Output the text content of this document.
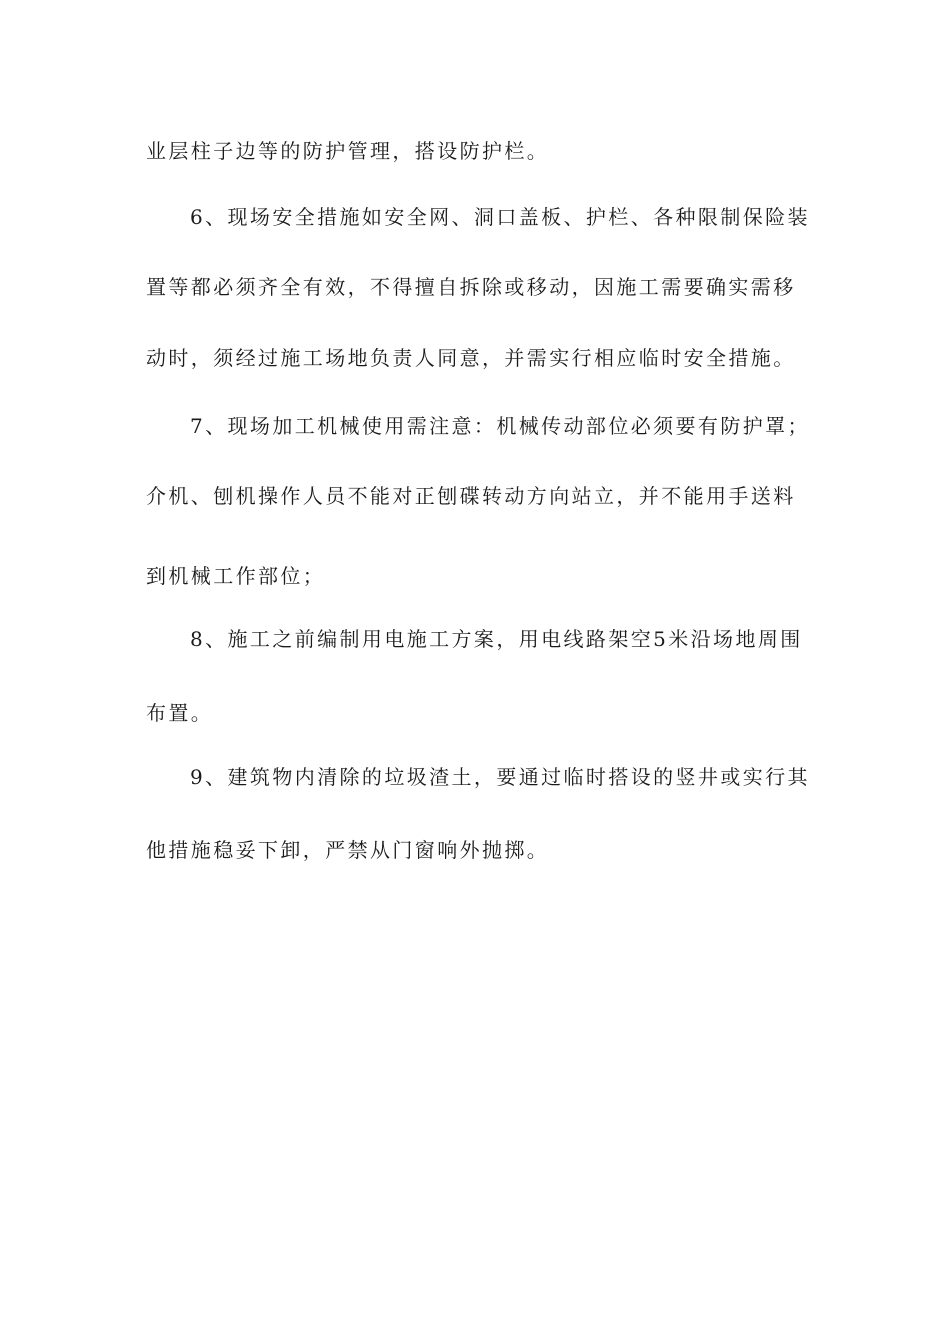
业层柱子边等的防护管理，搭设防护栏。
6、现场安全措施如安全网、洞口盖板、护栏、各种限制保险装
置等都必须齐全有效，不得擅自拆除或移动，因施工需要确实需移
动时，须经过施工场地负责人同意，并需实行相应临时安全措施。
7、现场加工机械使用需注意：机械传动部位必须要有防护罩；
介机、刨机操作人员不能对正刨碟转动方向站立，并不能用手送料
到机械工作部位；
8、施工之前编制用电施工方案，用电线路架空5米沿场地周围
布置。
9、建筑物内清除的垃圾渣土，要通过临时搭设的竖井或实行其
他措施稳妥下卸，严禁从门窗响外抛掷。
